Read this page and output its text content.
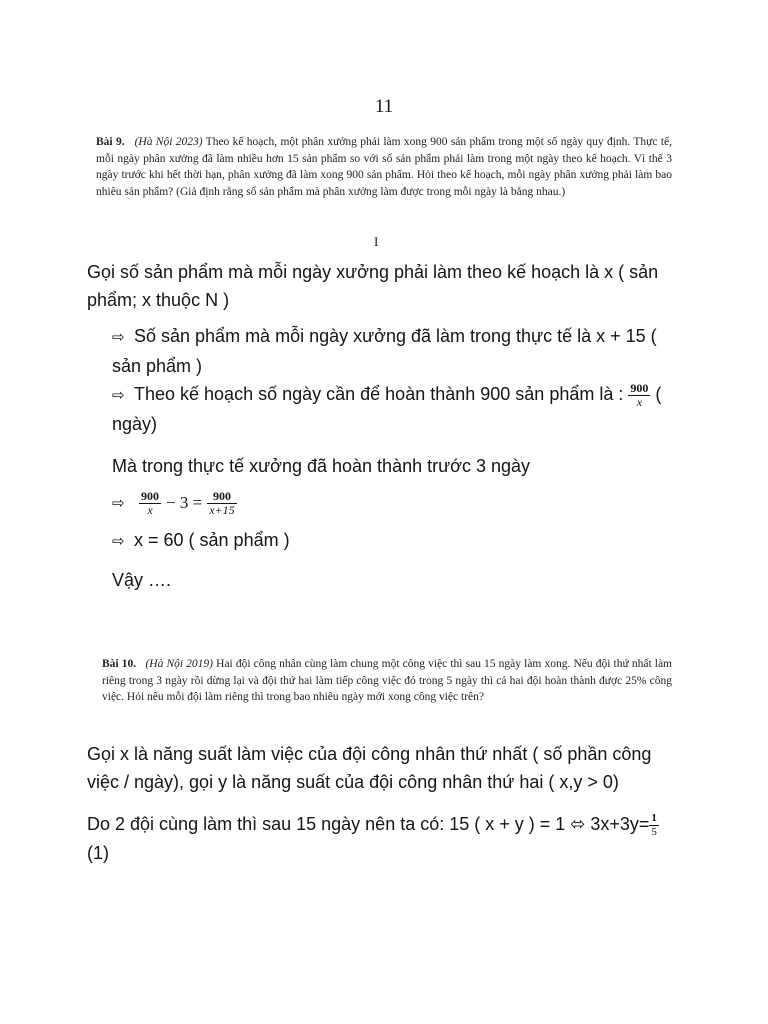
11
Bài 9. (Hà Nội 2023) Theo kế hoạch, một phân xưởng phải làm xong 900 sản phẩm trong một số ngày quy định. Thực tế, mỗi ngày phân xưởng đã làm nhiều hơn 15 sản phẩm so với số sản phẩm phải làm trong một ngày theo kế hoạch. Vì thế 3 ngày trước khi hết thời hạn, phân xưởng đã làm xong 900 sản phẩm. Hỏi theo kế hoạch, mỗi ngày phân xưởng phải làm bao nhiêu sản phẩm? (Giả định rằng số sản phẩm mà phân xưởng làm được trong mỗi ngày là bằng nhau.)
I
Gọi số sản phẩm mà mỗi ngày xưởng phải làm theo kế hoạch là x ( sản phẩm; x thuộc N )
⇨ Số sản phẩm mà mỗi ngày xưởng đã làm trong thực tế là x + 15 ( sản phẩm )
⇨ Theo kế hoạch số ngày cần để hoàn thành 900 sản phẩm là : $\frac{900}{x}$ ( ngày)
Mà trong thực tế xưởng đã hoàn thành trước 3 ngày
⇨ $\frac{900}{x} - 3 = \frac{900}{x+15}$
⇨ x = 60 ( sản phẩm )
Vậy ….
Bài 10. (Hà Nội 2019) Hai đội công nhân cùng làm chung một công việc thì sau 15 ngày làm xong. Nếu đội thứ nhất làm riêng trong 3 ngày rồi dừng lại và đội thứ hai làm tiếp công việc đó trong 5 ngày thì cả hai đội hoàn thành được 25% công việc. Hỏi nếu mỗi đội làm riêng thì trong bao nhiêu ngày mới xong công việc trên?
Gọi x là năng suất làm việc của đội công nhân thứ nhất ( số phần công việc / ngày), gọi y là năng suất của đội công nhân thứ hai ( x,y > 0)
Do 2 đội cùng làm thì sau 15 ngày nên ta có: 15 ( x + y ) = 1 ⬄ $3x+3y= \frac{1}{5}$

(1)
